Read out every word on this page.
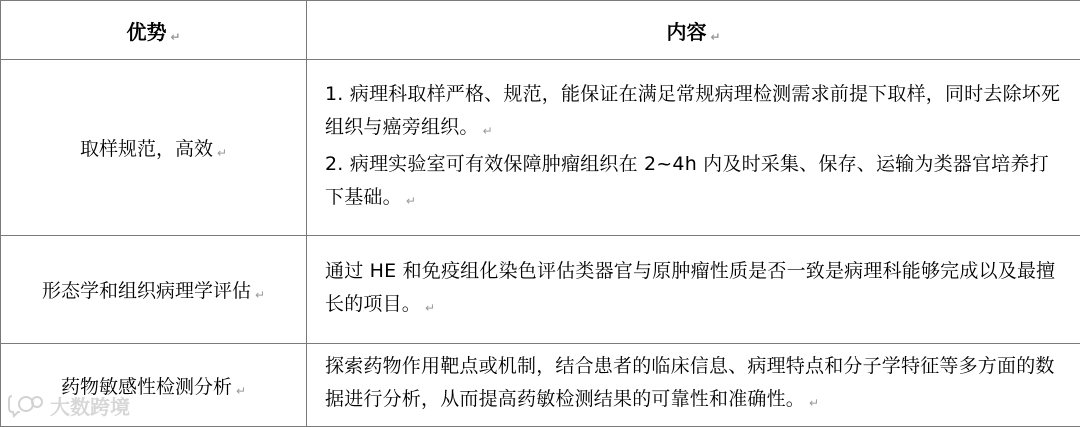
优势 ↵	内容 ↵
取样规范，高效 ↵	1. 病理科取样严格、规范，能保证在满足常规病理检测需求前提下取样，同时去除坏死组织与癌旁组织。 ↵
2. 病理实验室可有效保障肿瘤组织在 2~4h 内及时采集、保存、运输为类器官培养打下基础。 ↵

形态学和组织病理学评估 ↵	通过 HE 和免疫组化染色评估类器官与原肿瘤性质是否一致是病理科能够完成以及最擅长的项目。 ↵

药物敏感性检测分析 ↵	探索药物作用靶点或机制，结合患者的临床信息、病理特点和分子学特征等多方面的数据进行分析，从而提高药敏检测结果的可靠性和准确性。 ↵
大数跨境
